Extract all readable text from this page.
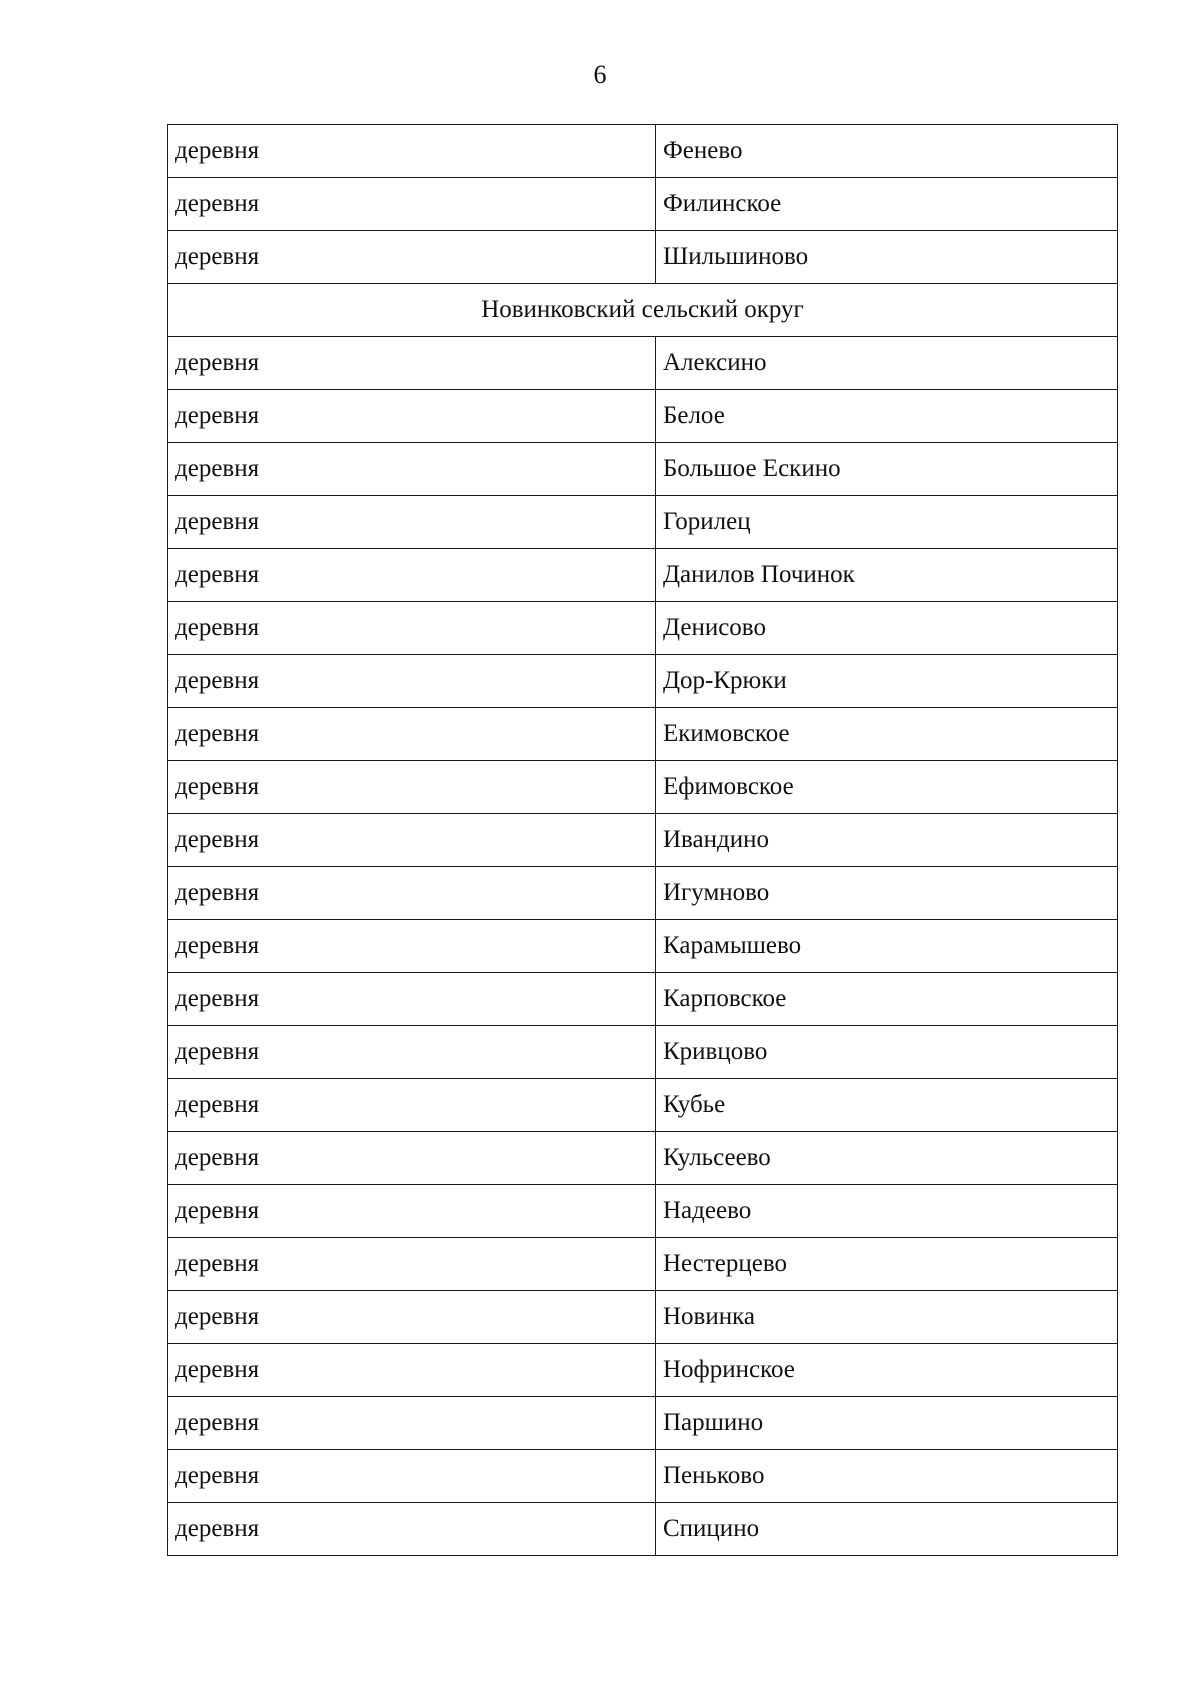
6
деревня	Фенево
деревня	Филинское
деревня	Шильшиново
Новинковский сельский округ	
деревня	Алексино
деревня	Белое
деревня	Большое Ескино
деревня	Горилец
деревня	Данилов Починок
деревня	Денисово
деревня	Дор-Крюки
деревня	Екимовское
деревня	Ефимовское
деревня	Ивандино
деревня	Игумново
деревня	Карамышево
деревня	Карповское
деревня	Кривцово
деревня	Кубье
деревня	Кульсеево
деревня	Надеево
деревня	Нестерцево
деревня	Новинка
деревня	Нофринское
деревня	Паршино
деревня	Пеньково
деревня	Спицино
